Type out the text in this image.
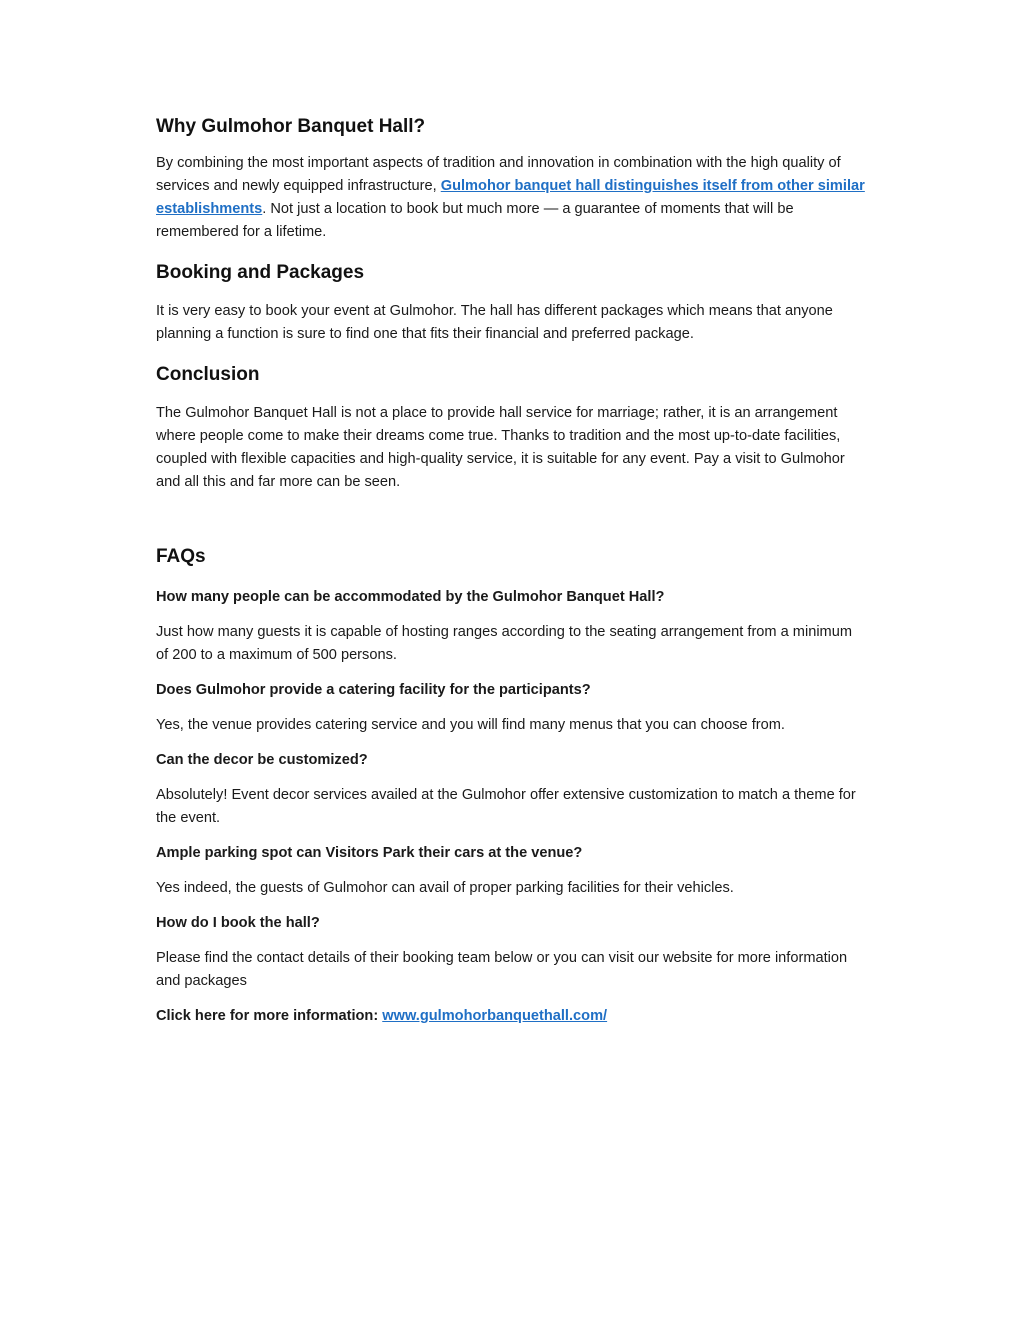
Why Gulmohor Banquet Hall?

By combining the most important aspects of tradition and innovation in combination with the high quality of services and newly equipped infrastructure, Gulmohor banquet hall distinguishes itself from other similar establishments. Not just a location to book but much more — a guarantee of moments that will be remembered for a lifetime.

Booking and Packages

It is very easy to book your event at Gulmohor. The hall has different packages which means that anyone planning a function is sure to find one that fits their financial and preferred package.

Conclusion

The Gulmohor Banquet Hall is not a place to provide hall service for marriage; rather, it is an arrangement where people come to make their dreams come true. Thanks to tradition and the most up-to-date facilities, coupled with flexible capacities and high-quality service, it is suitable for any event. Pay a visit to Gulmohor and all this and far more can be seen.

FAQs

How many people can be accommodated by the Gulmohor Banquet Hall?

Just how many guests it is capable of hosting ranges according to the seating arrangement from a minimum of 200 to a maximum of 500 persons.

Does Gulmohor provide a catering facility for the participants?

Yes, the venue provides catering service and you will find many menus that you can choose from.

Can the decor be customized?

Absolutely! Event decor services availed at the Gulmohor offer extensive customization to match a theme for the event.

Ample parking spot can Visitors Park their cars at the venue?

Yes indeed, the guests of Gulmohor can avail of proper parking facilities for their vehicles.

How do I book the hall?

Please find the contact details of their booking team below or you can visit our website for more information and packages

Click here for more information: www.gulmohorbanquethall.com/
